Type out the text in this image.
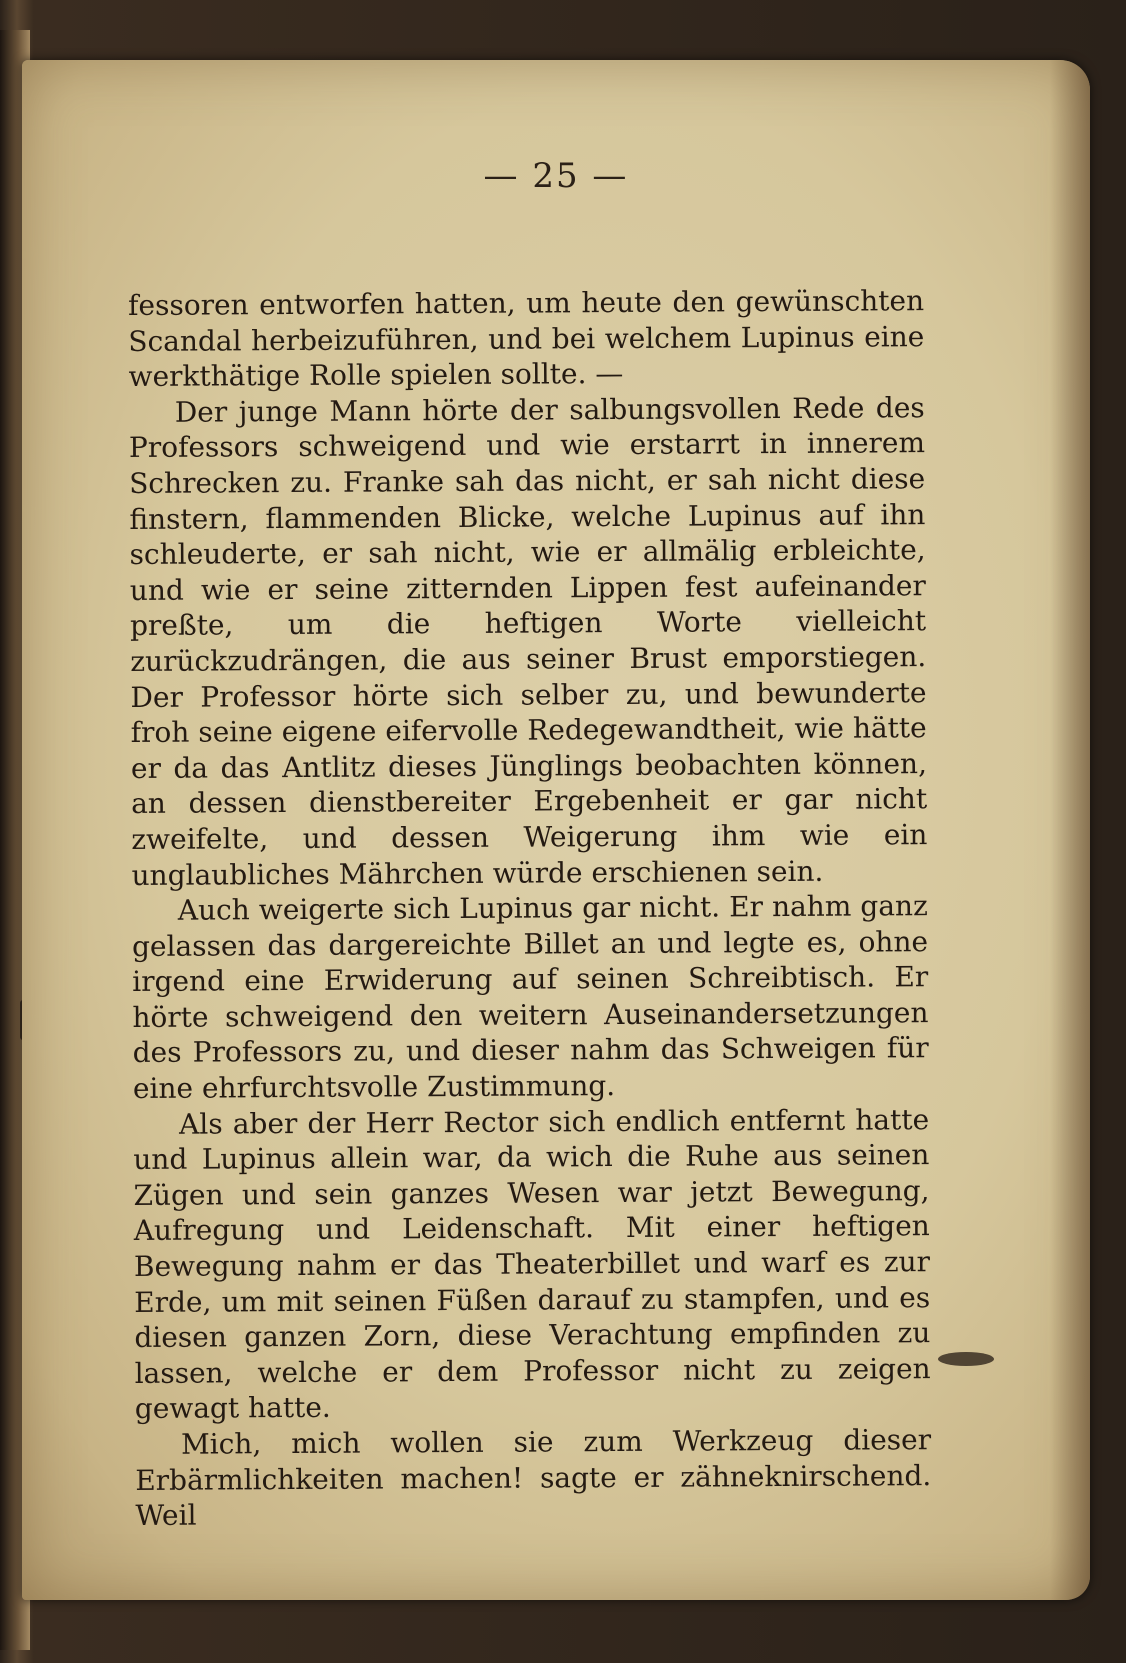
— 25 —

fessoren entworfen hatten, um heute den gewünschten Scandal herbeizuführen, und bei welchem Lupinus eine werkthätige Rolle spielen sollte. —

Der junge Mann hörte der salbungsvollen Rede des Professors schweigend und wie erstarrt in innerem Schrecken zu. Franke sah das nicht, er sah nicht diese finstern, flammenden Blicke, welche Lupinus auf ihn schleuderte, er sah nicht, wie er allmälig erbleichte, und wie er seine zitternden Lippen fest aufeinander preßte, um die heftigen Worte vielleicht zurückzudrängen, die aus seiner Brust emporstiegen. Der Professor hörte sich selber zu, und bewunderte froh seine eigene eifervolle Redegewandtheit, wie hätte er da das Antlitz dieses Jünglings beobachten können, an dessen dienstbereiter Ergebenheit er gar nicht zweifelte, und dessen Weigerung ihm wie ein unglaubliches Mährchen würde erschienen sein.

Auch weigerte sich Lupinus gar nicht. Er nahm ganz gelassen das dargereichte Billet an und legte es, ohne irgend eine Erwiderung auf seinen Schreibtisch. Er hörte schweigend den weitern Auseinandersetzungen des Professors zu, und dieser nahm das Schweigen für eine ehrfurchtsvolle Zustimmung.

Als aber der Herr Rector sich endlich entfernt hatte und Lupinus allein war, da wich die Ruhe aus seinen Zügen und sein ganzes Wesen war jetzt Bewegung, Aufregung und Leidenschaft. Mit einer heftigen Bewegung nahm er das Theaterbillet und warf es zur Erde, um mit seinen Füßen darauf zu stampfen, und es diesen ganzen Zorn, diese Verachtung empfinden zu lassen, welche er dem Professor nicht zu zeigen gewagt hatte.

Mich, mich wollen sie zum Werkzeug dieser Erbärmlichkeiten machen! sagte er zähneknirschend. Weil
